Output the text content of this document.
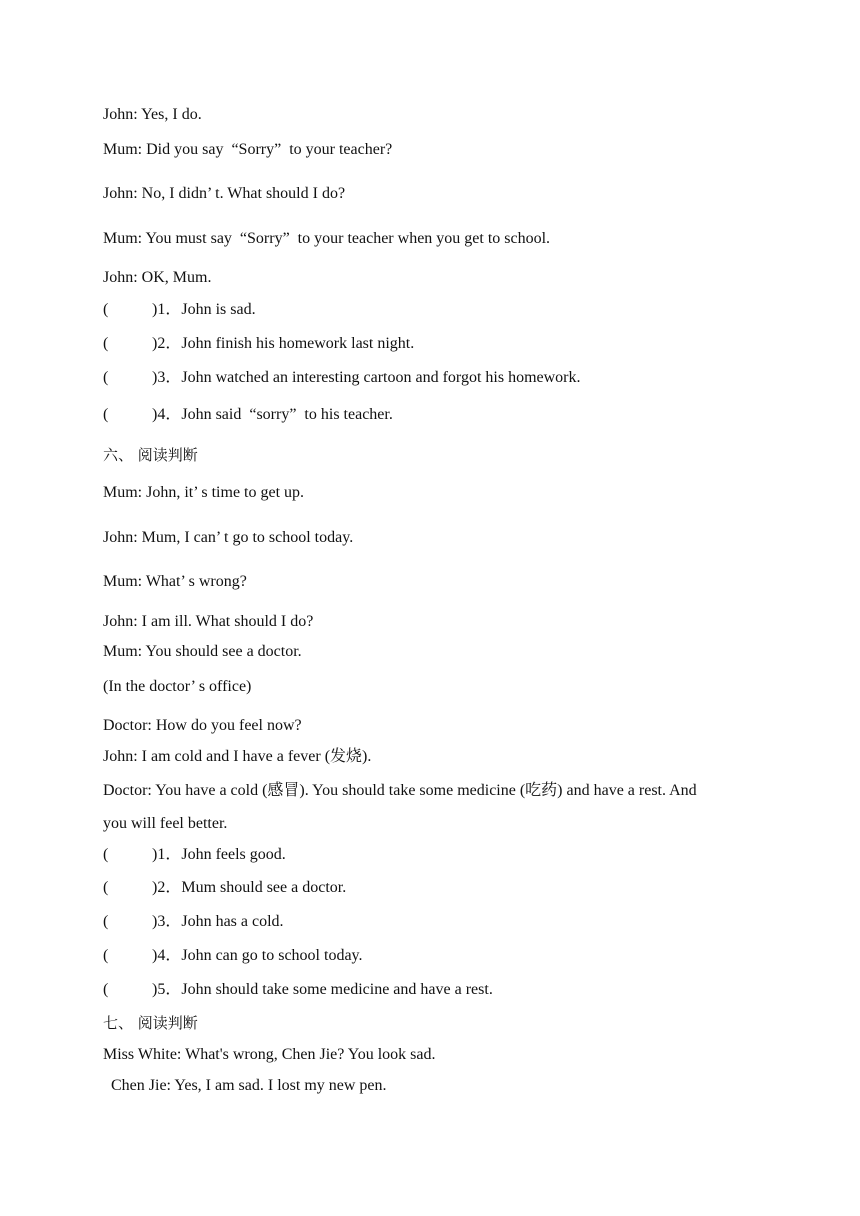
John: Yes, I do.
Mum: Did you say  “Sorry”  to your teacher?
John: No, I didn’ t. What should I do?
Mum: You must say  “Sorry”  to your teacher when you get to school.
John: OK, Mum.
(	)1．John is sad.
(	)2．John finish his homework last night.
(	)3．John watched an interesting cartoon and forgot his homework.
(	)4．John said  “sorry”  to his teacher.
六、 阅读判断
Mum: John, it’ s time to get up.
John: Mum, I can’ t go to school today.
Mum: What’ s wrong?
John: I am ill. What should I do?
Mum: You should see a doctor.
(In the doctor’ s office)
Doctor: How do you feel now?
John: I am cold and I have a fever (发烧).
Doctor: You have a cold (感冒). You should take some medicine (吃药) and have a rest. And
you will feel better.
(	)1．John feels good.
(	)2．Mum should see a doctor.
(	)3．John has a cold.
(	)4．John can go to school today.
(	)5．John should take some medicine and have a rest.
七、 阅读判断
Miss White: What's wrong, Chen Jie? You look sad.
Chen Jie: Yes, I am sad. I lost my new pen.
